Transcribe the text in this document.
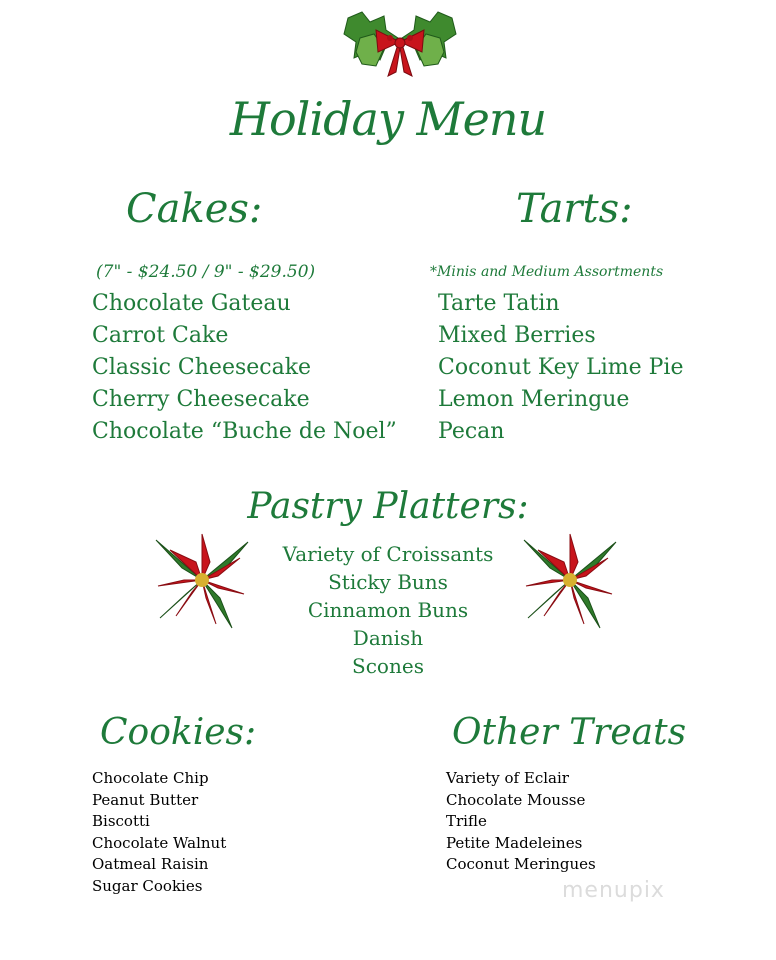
Holiday Menu
Cakes:
(7" - $24.50 / 9" - $29.50)
Chocolate Gateau
Carrot Cake
Classic Cheesecake
Cherry Cheesecake
Chocolate “Buche de Noel”
Tarts:
*Minis and Medium Assortments
Tarte Tatin
Mixed Berries
Coconut Key Lime Pie
Lemon Meringue
Pecan
Pastry Platters:
Variety of Croissants
Sticky Buns
Cinnamon Buns
Danish
Scones
Cookies:
Chocolate Chip
Peanut Butter
Biscotti
Chocolate Walnut
Oatmeal Raisin
Sugar Cookies
Other Treats
Variety of Eclair
Chocolate Mousse
Trifle
Petite Madeleines
Coconut Meringues
menupix
